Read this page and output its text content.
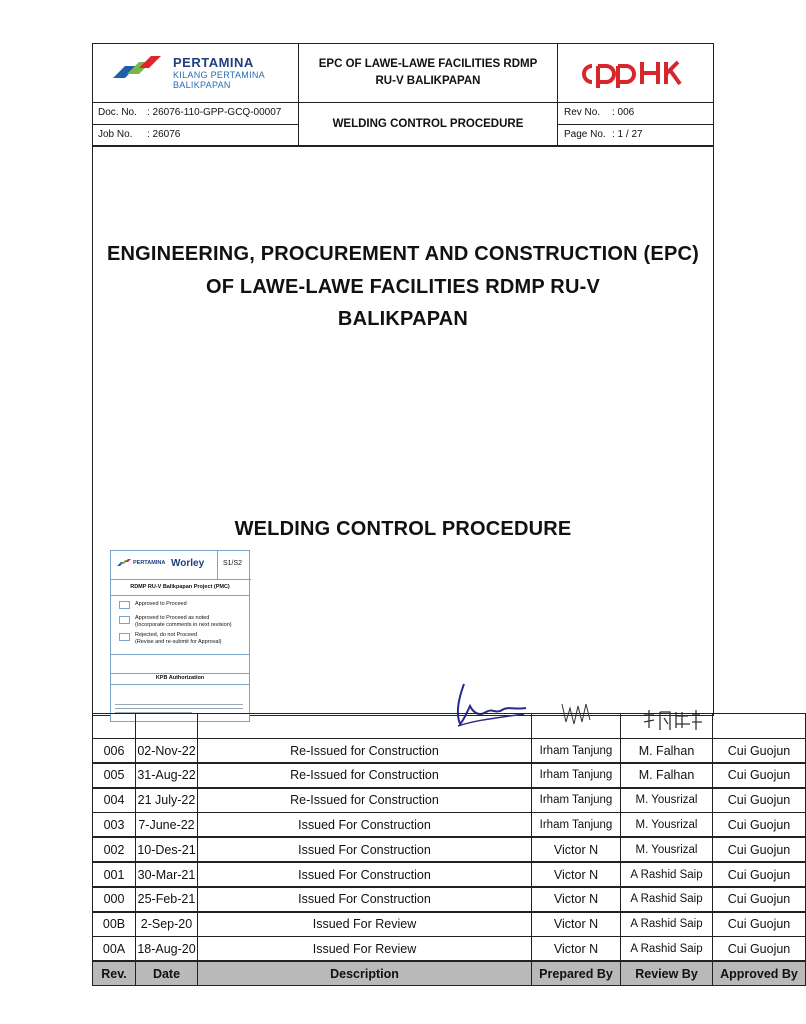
PERTAMINA
KILANG PERTAMINA
BALIKPAPAN
EPC OF LAWE-LAWE FACILITIES RDMP
RU-V BALIKPAPAN
Doc. No. : 26076-110-GPP-GCQ-00007
Job No. : 26076
WELDING CONTROL PROCEDURE
Rev No. : 006
Page No. : 1 / 27
ENGINEERING, PROCUREMENT AND CONSTRUCTION (EPC)
OF LAWE-LAWE FACILITIES RDMP RU-V
BALIKPAPAN
WELDING CONTROL PROCEDURE
PERTAMINA Worley	S1/S2
RDMP RU-V Balikpapan Project (PMC)
Approved to Proceed
Approved to Proceed as noted
(Incorporate comments in next revision)
Rejected, do not Proceed
(Revise and re-submit for Approval)
KPB Authorization
006	02-Nov-22	Re-Issued for Construction	Irham Tanjung	M. Falhan	Cui Guojun
005	31-Aug-22	Re-Issued for Construction	Irham Tanjung	M. Falhan	Cui Guojun
004	21 July-22	Re-Issued for Construction	Irham Tanjung	M. Yousrizal	Cui Guojun
003	7-June-22	Issued For Construction	Irham Tanjung	M. Yousrizal	Cui Guojun
002	10-Des-21	Issued For Construction	Victor N	M. Yousrizal	Cui Guojun
001	30-Mar-21	Issued For Construction	Victor N	A Rashid Saip	Cui Guojun
000	25-Feb-21	Issued For Construction	Victor N	A Rashid Saip	Cui Guojun
00B	2-Sep-20	Issued For Review	Victor N	A Rashid Saip	Cui Guojun
00A 18-Aug-20	Issued For Review	Victor N	A Rashid Saip	Cui Guojun
Rev.	Date	Description	Prepared By	Review By	Approved By
